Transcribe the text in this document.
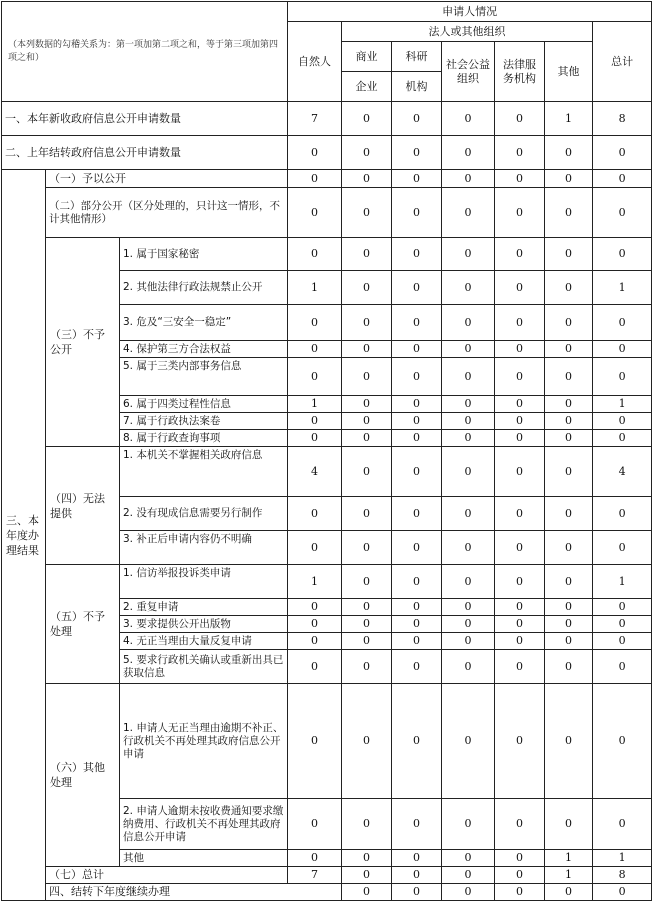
（本列数据的勾稽关系为：第一项加第二项之和，等于第三项加第四项之和）			申请人情况							
			自然人	法人或其他组织					总计	
				商业	科研	社会公益组织	法律服务机构	其他		
				企业	机构					

一、本年新收政府信息公开申请数量			7	0	0	0	0	1	8	
二、上年结转政府信息公开申请数量			0	0	0	0	0	0	0	
三、本年度办理结果	（一）予以公开		0	0	0	0	0	0	0	
	（二）部分公开（区分处理的，只计这一情形，不计其他情形）		0	0	0	0	0	0	0	
	（三）不予公开	1. 属于国家秘密	0	0	0	0	0	0	0	
		2. 其他法律行政法规禁止公开	1	0	0	0	0	0	1	
		3. 危及“三安全一稳定”	0	0	0	0	0	0	0	
		4. 保护第三方合法权益	0	0	0	0	0	0	0	
		5. 属于三类内部事务信息	0	0	0	0	0	0	0	
		6. 属于四类过程性信息	1	0	0	0	0	0	1	
		7. 属于行政执法案卷	0	0	0	0	0	0	0	
		8. 属于行政查询事项	0	0	0	0	0	0	0	
	（四）无法提供	1. 本机关不掌握相关政府信息	4	0	0	0	0	0	4	
		2. 没有现成信息需要另行制作	0	0	0	0	0	0	0	
		3. 补正后申请内容仍不明确	0	0	0	0	0	0	0	
	（五）不予处理	1. 信访举报投诉类申请	1	0	0	0	0	0	1	
		2. 重复申请	0	0	0	0	0	0	0	
		3. 要求提供公开出版物	0	0	0	0	0	0	0	
		4. 无正当理由大量反复申请	0	0	0	0	0	0	0	
		5. 要求行政机关确认或重新出具已获取信息	0	0	0	0	0	0	0	
	（六）其他处理	1. 申请人无正当理由逾期不补正、行政机关不再处理其政府信息公开申请	0	0	0	0	0	0	0	
		2. 申请人逾期未按收费通知要求缴纳费用、行政机关不再处理其政府信息公开申请	0	0	0	0	0	0	0	
		其他	0	0	0	0	0	1	1	
	（七）总计		7	0	0	0	0	1	8	
	四、结转下年度继续办理			0	0	0	0	0	0	
